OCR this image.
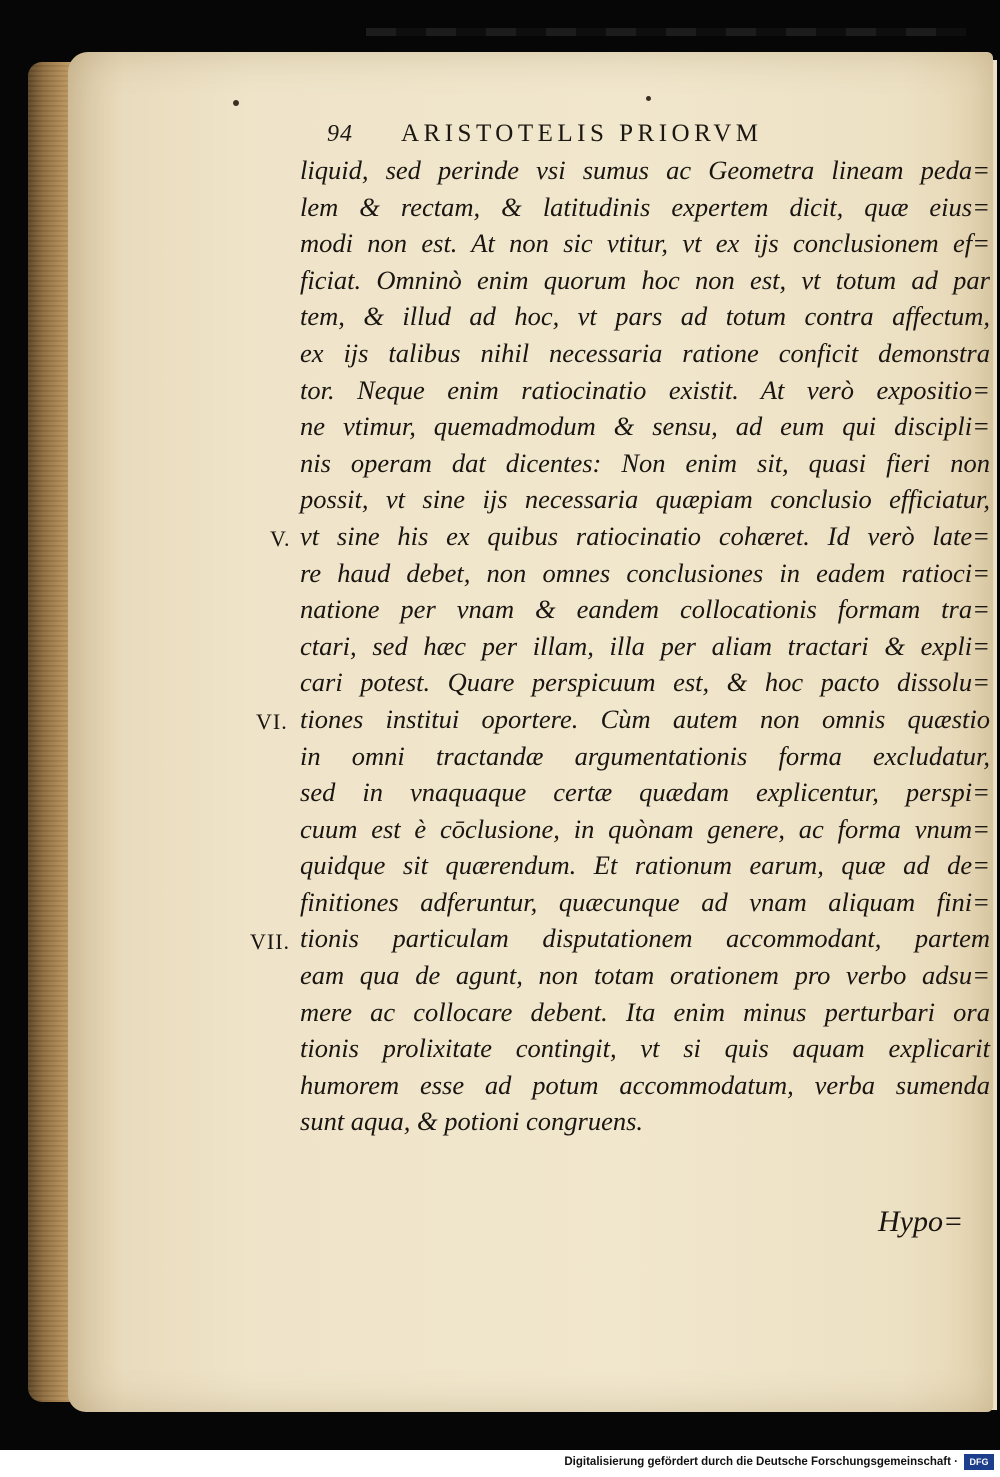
94 ARISTOTELIS PRIORVM
liquid, sed perinde vsi sumus ac Geometra lineam peda=
lem & rectam, & latitudinis expertem dicit, quæ eius=
modi non est. At non sic vtitur, vt ex ijs conclusionem ef=
ficiat. Omninò enim quorum hoc non est, vt totum ad par
tem, & illud ad hoc, vt pars ad totum contra affectum,
ex ijs talibus nihil necessaria ratione conficit demonstra
tor. Neque enim ratiocinatio existit. At verò expositio=
ne vtimur, quemadmodum & sensu, ad eum qui discipli=
nis operam dat dicentes: Non enim sit, quasi fieri non
possit, vt sine ijs necessaria quæpiam conclusio efficiatur,
vt sine his ex quibus ratiocinatio cohæret. Id verò late=
re haud debet, non omnes conclusiones in eadem ratioci=
natione per vnam & eandem collocationis formam tra=
ctari, sed hæc per illam, illa per aliam tractari & expli=
cari potest. Quare perspicuum est, & hoc pacto dissolu=
tiones institui oportere. Cùm autem non omnis quæstio
in omni tractandæ argumentationis forma excludatur,
sed in vnaquaque certæ quædam explicentur, perspi=
cuum est è cōclusione, in quònam genere, ac forma vnum=
quidque sit quærendum. Et rationum earum, quæ ad de=
finitiones adferuntur, quæcunque ad vnam aliquam fini=
tionis particulam disputationem accommodant, partem
eam qua de agunt, non totam orationem pro verbo adsu=
mere ac collocare debent. Ita enim minus perturbari ora
tionis prolixitate contingit, vt si quis aquam explicarit
humorem esse ad potum accommodatum, verba sumenda
sunt aqua, & potioni congruens.
V.
VI.
VII.
Hypo=
Digitalisierung gefördert durch die Deutsche Forschungsgemeinschaft ·	DFG
